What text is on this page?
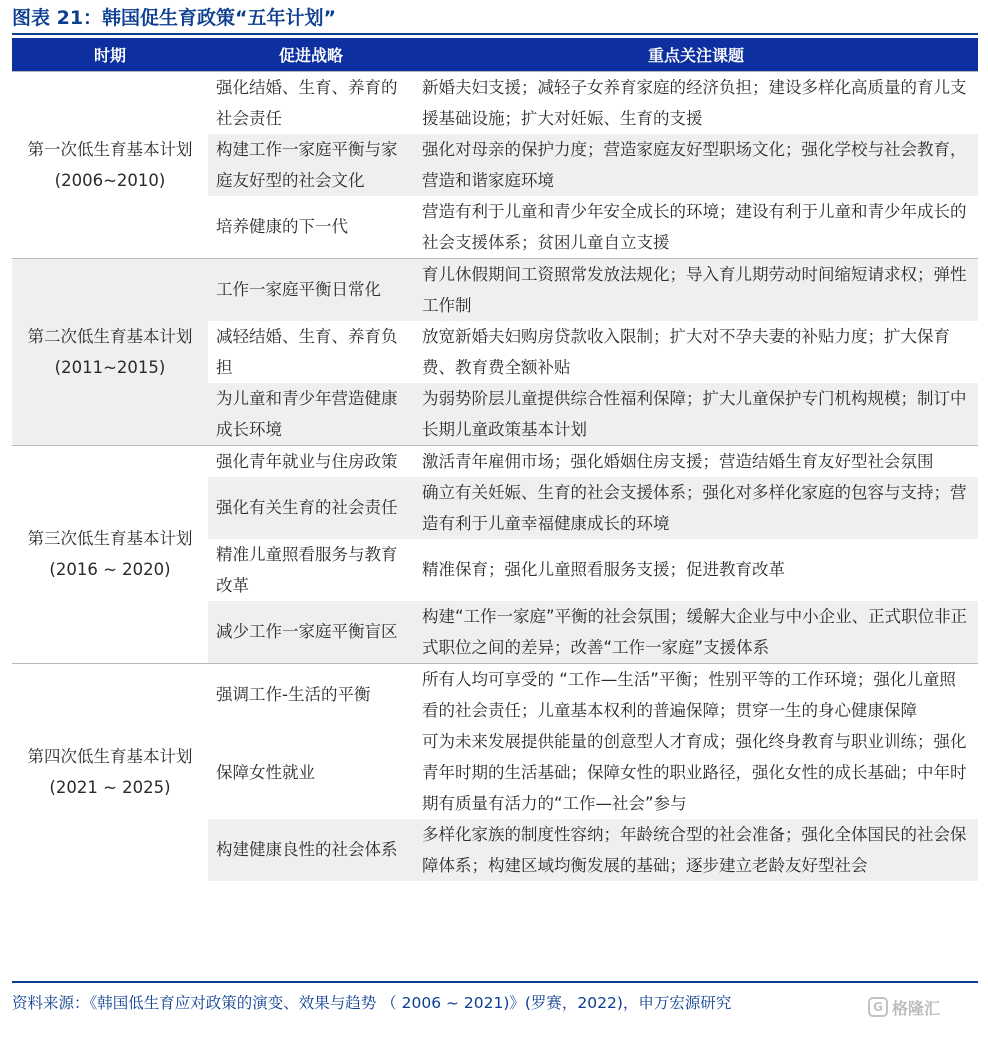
图表 21：韩国促生育政策“五年计划”
时期	促进战略	重点关注课题
第一次低生育基本计划(2006~2010)	强化结婚、生育、养育的社会责任	新婚夫妇支援；减轻子女养育家庭的经济负担；建设多样化高质量的育儿支援基础设施；扩大对妊娠、生育的支援
	构建工作一家庭平衡与家庭友好型的社会文化	强化对母亲的保护力度；营造家庭友好型职场文化；强化学校与社会教育，营造和谐家庭环境
	培养健康的下一代	营造有利于儿童和青少年安全成长的环境；建设有利于儿童和青少年成长的社会支援体系；贫困儿童自立支援
第二次低生育基本计划(2011~2015)	工作一家庭平衡日常化	育儿休假期间工资照常发放法规化；导入育儿期劳动时间缩短请求权；弹性工作制
	减轻结婚、生育、养育负担	放宽新婚夫妇购房贷款收入限制；扩大对不孕夫妻的补贴力度；扩大保育费、教育费全额补贴
	为儿童和青少年营造健康成长环境	为弱势阶层儿童提供综合性福利保障；扩大儿童保护专门机构规模；制订中长期儿童政策基本计划
第三次低生育基本计划(2016 ~ 2020)	强化青年就业与住房政策	激活青年雇佣市场；强化婚姻住房支援；营造结婚生育友好型社会氛围
	强化有关生育的社会责任	确立有关妊娠、生育的社会支援体系；强化对多样化家庭的包容与支持；营造有利于儿童幸福健康成长的环境
	精准儿童照看服务与教育改革	精准保育；强化儿童照看服务支援；促进教育改革
	减少工作一家庭平衡盲区	构建“工作一家庭”平衡的社会氛围；缓解大企业与中小企业、正式职位非正式职位之间的差异；改善“工作一家庭”支援体系
第四次低生育基本计划(2021 ~ 2025)	强调工作-生活的平衡	所有人均可享受的 “工作—生活”平衡；性别平等的工作环境；强化儿童照看的社会责任；儿童基本权利的普遍保障；贯穿一生的身心健康保障
	保障女性就业	可为未来发展提供能量的创意型人才育成；强化终身教育与职业训练；强化青年时期的生活基础；保障女性的职业路径，强化女性的成长基础；中年时期有质量有活力的“工作—社会”参与
	构建健康良性的社会体系	多样化家族的制度性容纳；年龄统合型的社会准备；强化全体国民的社会保障体系；构建区域均衡发展的基础；逐步建立老龄友好型社会
资料来源：《韩国低生育应对政策的演变、效果与趋势 （ 2006 ~ 2021)》(罗赛，2022)，申万宏源研究	G 格隆汇
